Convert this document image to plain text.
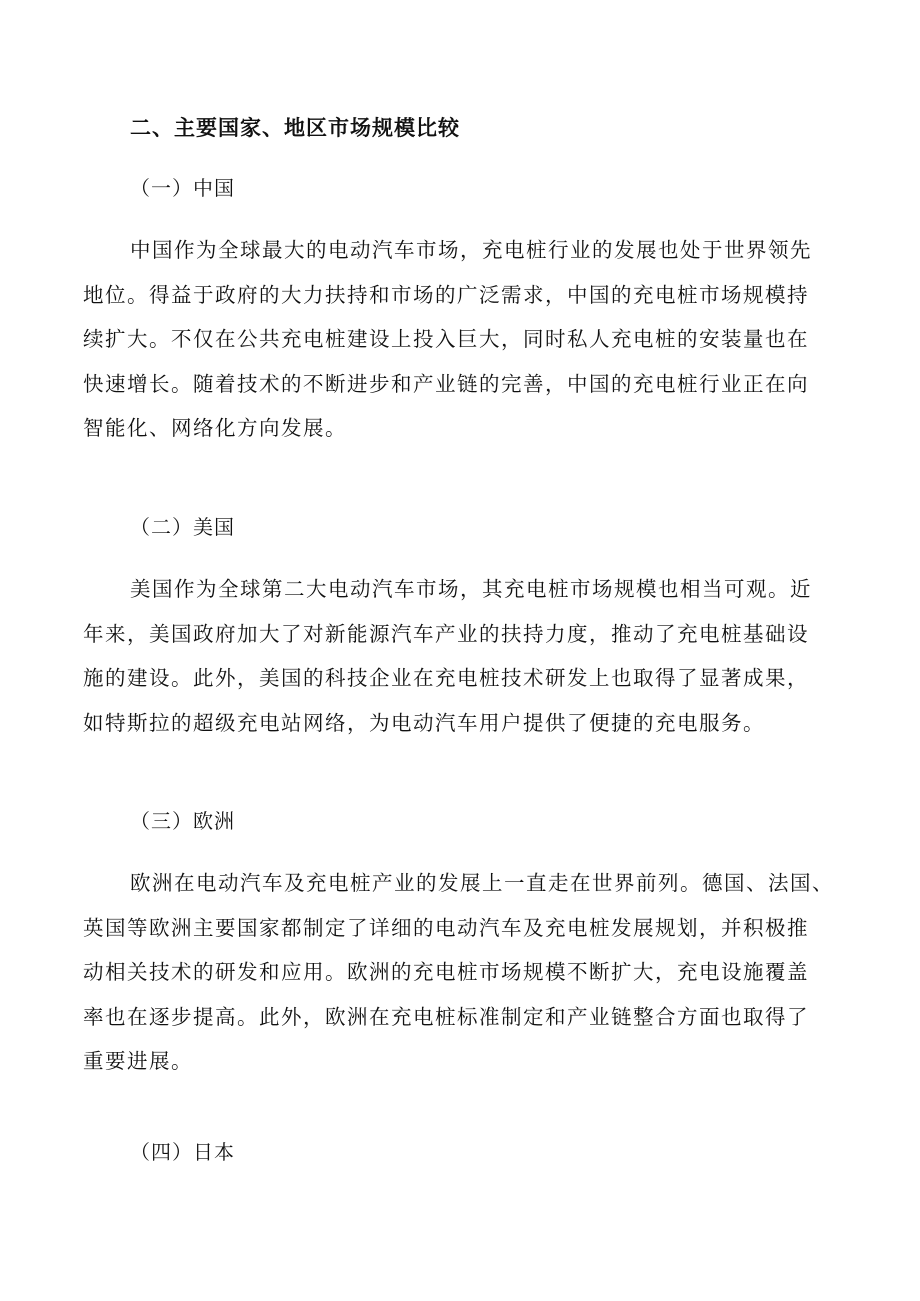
二、主要国家、地区市场规模比较
（一）中国
中国作为全球最大的电动汽车市场，充电桩行业的发展也处于世界领先
地位。得益于政府的大力扶持和市场的广泛需求，中国的充电桩市场规模持
续扩大。不仅在公共充电桩建设上投入巨大，同时私人充电桩的安装量也在
快速增长。随着技术的不断进步和产业链的完善，中国的充电桩行业正在向
智能化、网络化方向发展。
（二）美国
美国作为全球第二大电动汽车市场，其充电桩市场规模也相当可观。近
年来，美国政府加大了对新能源汽车产业的扶持力度，推动了充电桩基础设
施的建设。此外，美国的科技企业在充电桩技术研发上也取得了显著成果，
如特斯拉的超级充电站网络，为电动汽车用户提供了便捷的充电服务。
（三）欧洲
欧洲在电动汽车及充电桩产业的发展上一直走在世界前列。德国、法国、
英国等欧洲主要国家都制定了详细的电动汽车及充电桩发展规划，并积极推
动相关技术的研发和应用。欧洲的充电桩市场规模不断扩大，充电设施覆盖
率也在逐步提高。此外，欧洲在充电桩标准制定和产业链整合方面也取得了
重要进展。
（四）日本
